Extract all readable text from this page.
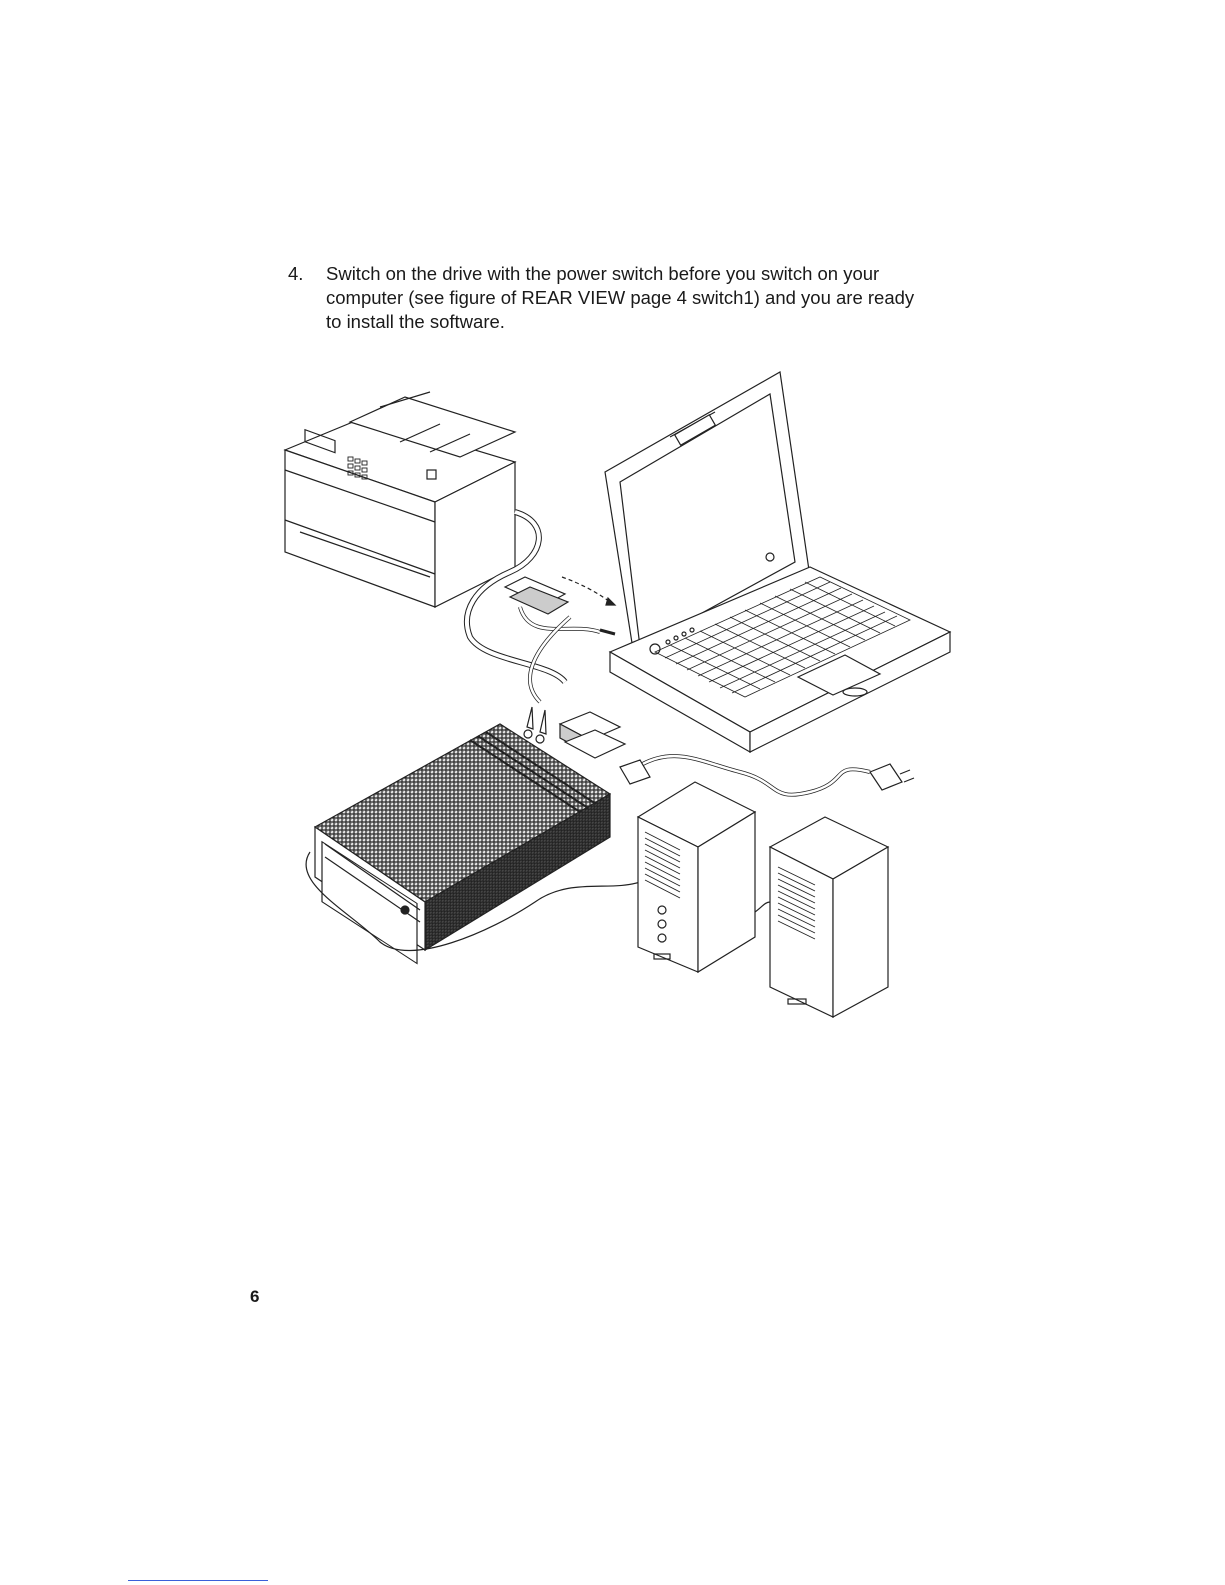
4. Switch on the drive with the power switch before you switch on your computer (see figure of REAR VIEW page 4 switch1) and you are ready to install the software.
6
